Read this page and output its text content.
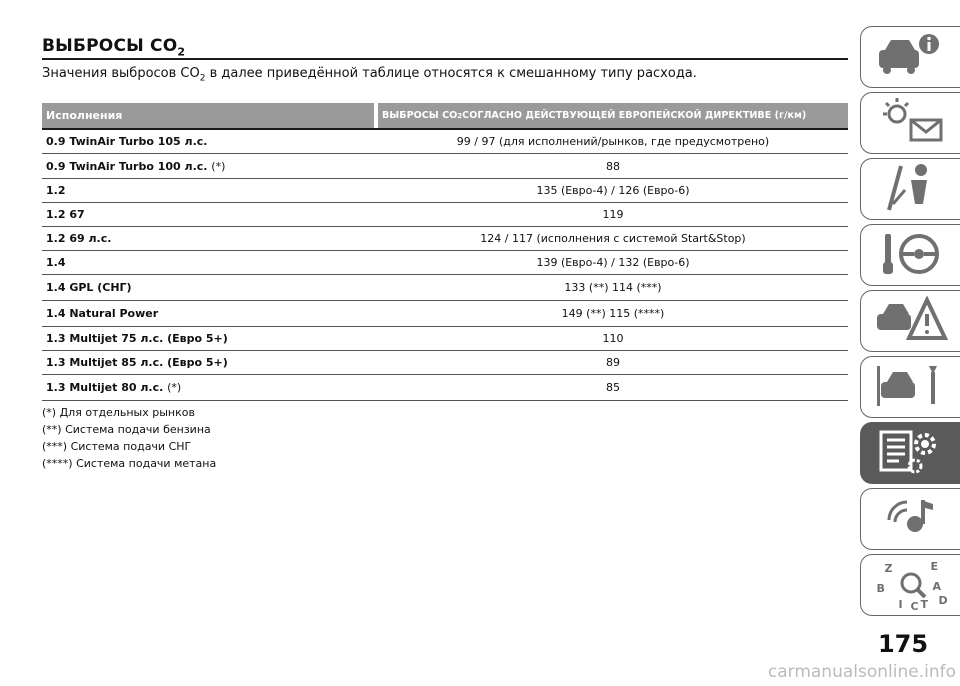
ВЫБРОСЫ $CO_2$
Значения выбросов $CO_2$ в далее приведённой таблице относятся к смешанному типу расхода.
Исполнения	ВЫБРОСЫ CO 2 СОГЛАСНО ДЕЙСТВУЮЩЕЙ ЕВРОПЕЙСКОЙ ДИРЕКТИВЕ (г/км)
0.9 TwinAir Turbo 105 л.с.	99 / 97 (для исполнений/рынков, где предусмотрено)
0.9 TwinAir Turbo 100 л.с. (*)	88
1.2	135 (Евро-4) / 126 (Евро-6)
1.2 67	119
1.2 69 л.с.	124 / 117 (исполнения с системой Start&Stop)
1.4	139 (Евро-4) / 132 (Евро-6)
1.4 GPL (СНГ)	133 (**) 114 (***)
1.4 Natural Power	149 (**) 115 (****)
1.3 Multijet 75 л.с. (Евро 5+)	110
1.3 Multijet 85 л.с. (Евро 5+)	89
1.3 Multijet 80 л.с. (*)	85
(*) Для отдельных рынков
(**) Система подачи бензина
(***) Система подачи СНГ
(****) Система подачи метана
Z	E
B	A
I C T D
175
carmanualsonline.info
